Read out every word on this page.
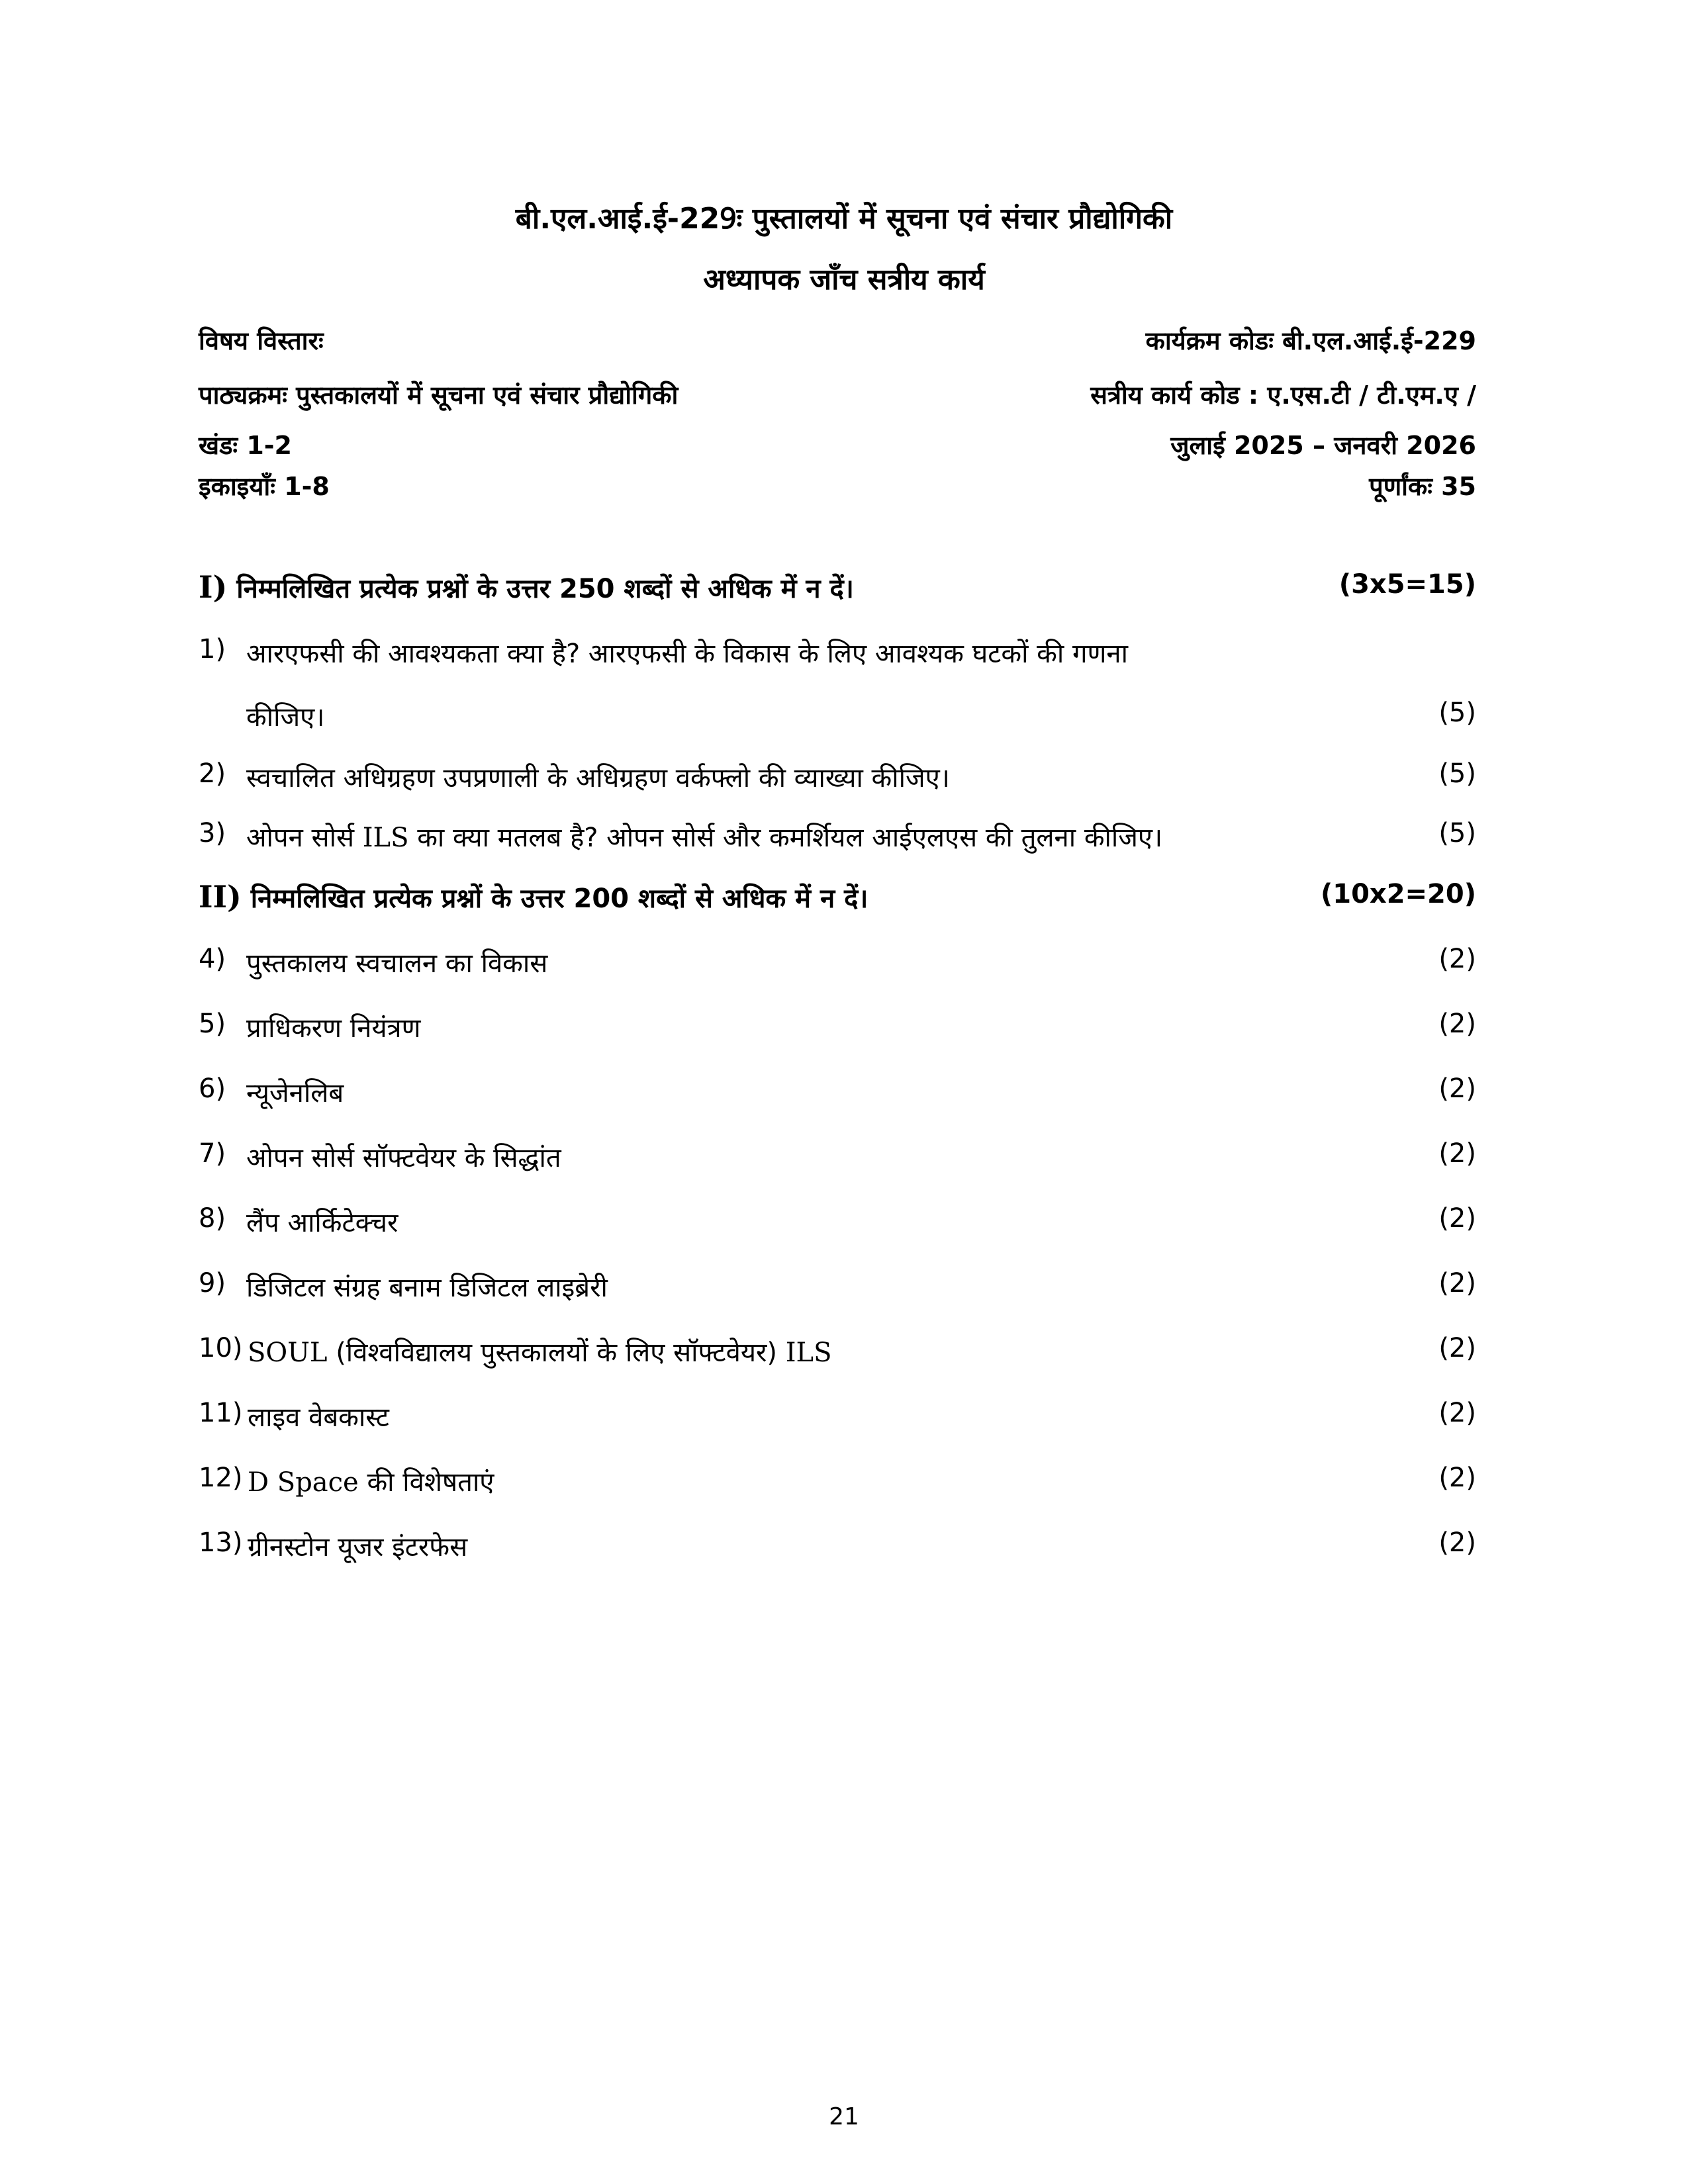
बी.एल.आई.ई-229ः पुस्तालयों में सूचना एवं संचार प्रौद्योगिकी
अध्यापक जाँच सत्रीय कार्य
विषय विस्तारः	कार्यक्रम कोडः बी.एल.आई.ई-229
पाठ्यक्रमः पुस्तकालयों में सूचना एवं संचार प्रौद्योगिकी	सत्रीय कार्य कोड : ए.एस.टी / टी.एम.ए /
खंडः 1-2	जुलाई 2025 – जनवरी 2026
इकाइयाँः 1-8	पूर्णांकः 35
I) निम्मलिखित प्रत्येक प्रश्नों के उत्तर 250 शब्दों से अधिक में न दें।	(3x5=15)
1) आरएफसी की आवश्यकता क्या है? आरएफसी के विकास के लिए आवश्यक घटकों की गणना
कीजिए।	(5)
2) स्वचालित अधिग्रहण उपप्रणाली के अधिग्रहण वर्कफ्लो की व्याख्या कीजिए।	(5)
3) ओपन सोर्स ILS का क्या मतलब है? ओपन सोर्स और कमर्शियल आईएलएस की तुलना कीजिए।	(5)
II) निम्मलिखित प्रत्येक प्रश्नों के उत्तर 200 शब्दों से अधिक में न दें।	(10x2=20)
4) पुस्तकालय स्वचालन का विकास	(2)
5) प्राधिकरण नियंत्रण	(2)
6) न्यूजेनलिब	(2)
7) ओपन सोर्स सॉफ्टवेयर के सिद्धांत	(2)
8) लैंप आर्किटेक्चर	(2)
9) डिजिटल संग्रह बनाम डिजिटल लाइब्रेरी	(2)
10) SOUL (विश्वविद्यालय पुस्तकालयों के लिए सॉफ्टवेयर) ILS	(2)
11) लाइव वेबकास्ट	(2)
12) D Space की विशेषताएं	(2)
13) ग्रीनस्टोन यूजर इंटरफेस	(2)
21
